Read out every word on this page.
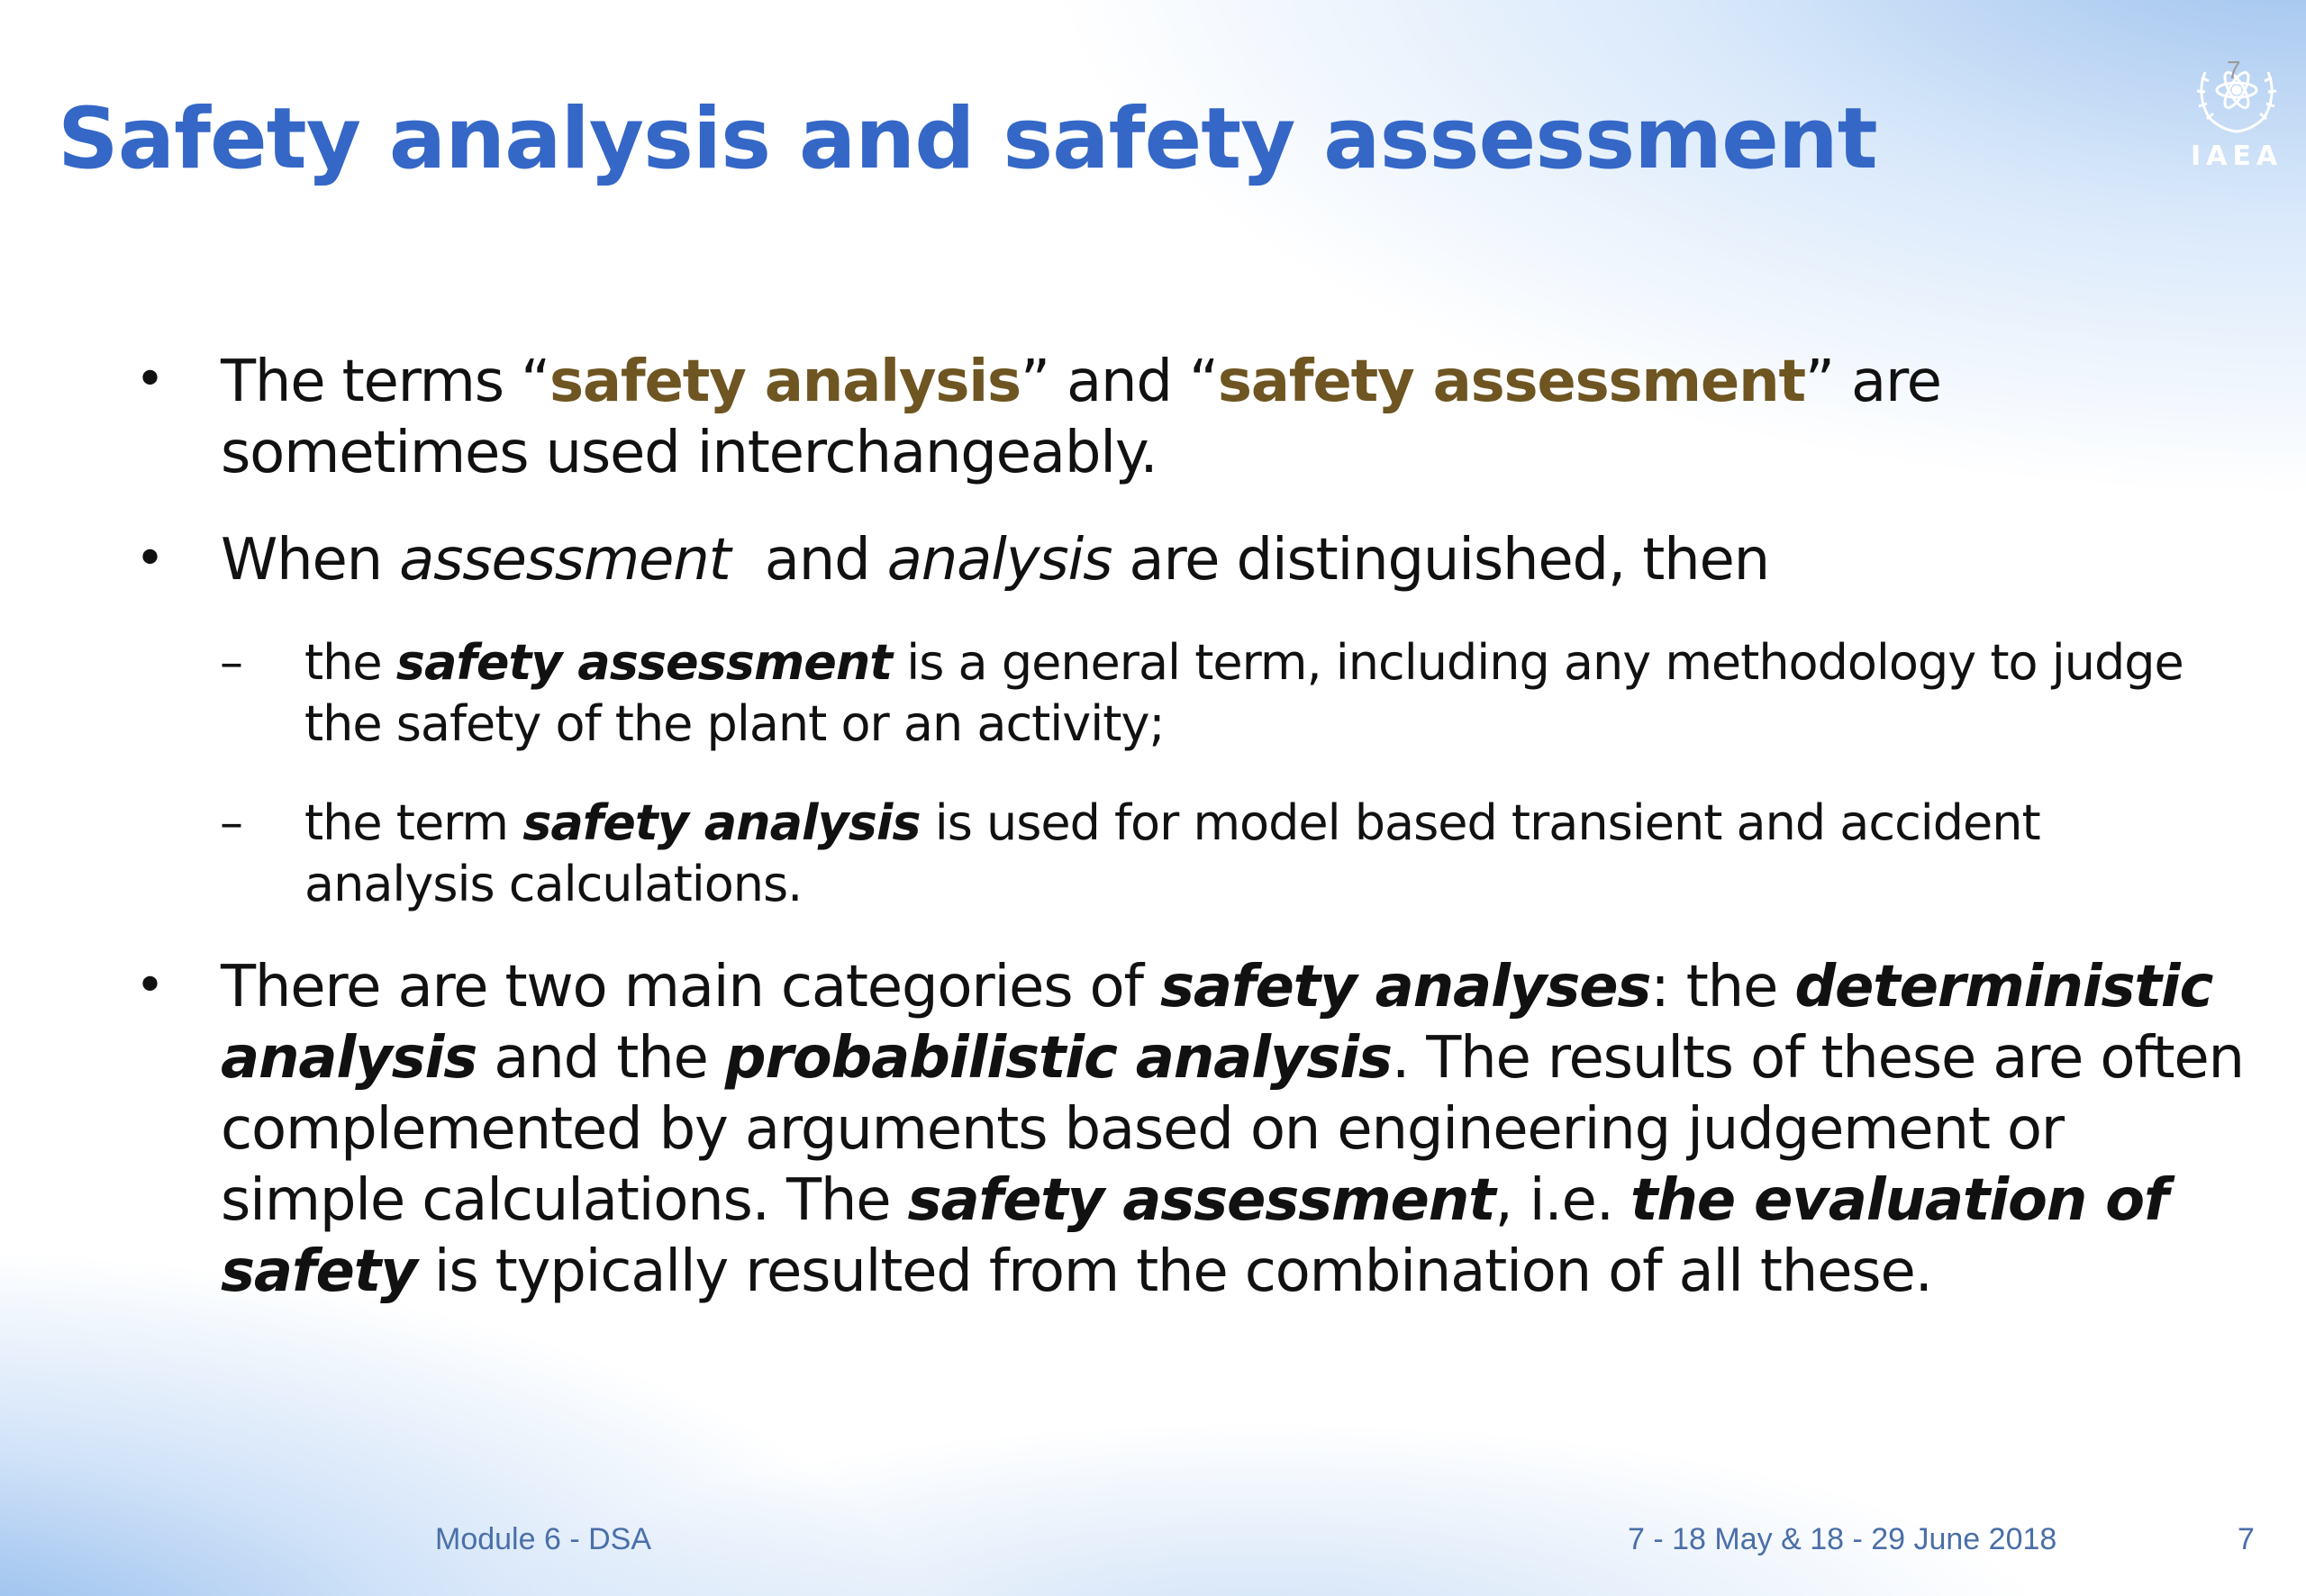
Safety analysis and safety assessment
7
IAEA
• The terms “safety analysis” and “safety assessment” are sometimes used interchangeably.
• When assessment  and analysis are distinguished, then
– the safety assessment is a general term, including any methodology to judge the safety of the plant or an activity;
– the term safety analysis is used for model based transient and accident analysis calculations.
• There are two main categories of safety analyses: the deterministic analysis and the probabilistic analysis. The results of these are often complemented by arguments based on engineering judgement or simple calculations. The safety assessment, i.e. the evaluation of safety is typically resulted from the combination of all these.
Module 6 - DSA	7 - 18 May & 18 - 29 June 2018	7
